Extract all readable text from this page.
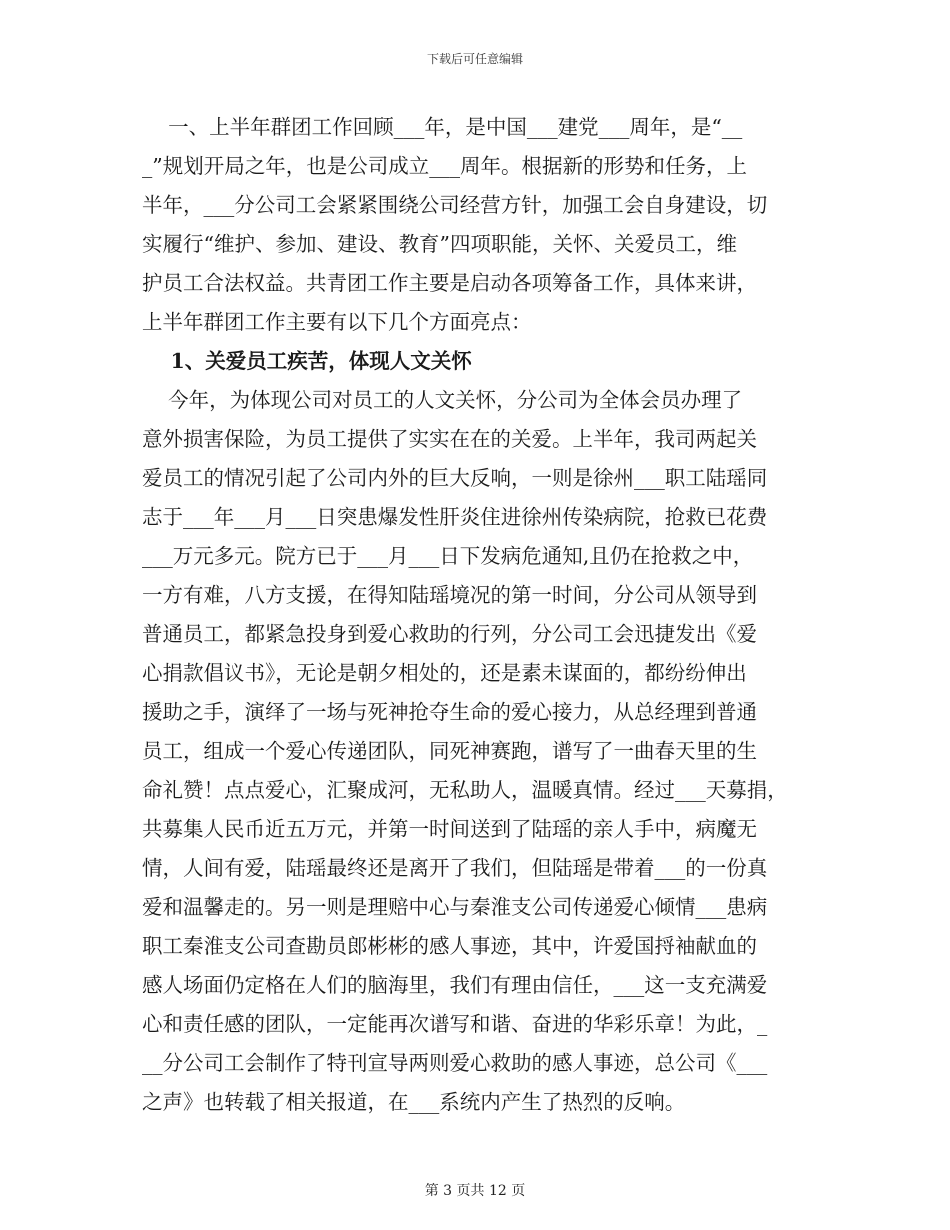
下载后可任意编辑
一、上半年群团工作回顾___年，是中国___建党___周年，是“__
_”规划开局之年，也是公司成立___周年。根据新的形势和任务，上
半年，___分公司工会紧紧围绕公司经营方针，加强工会自身建设，切
实履行“维护、参加、建设、教育”四项职能，关怀、关爱员工，维
护员工合法权益。共青团工作主要是启动各项筹备工作，具体来讲，
上半年群团工作主要有以下几个方面亮点：
1、关爱员工疾苦，体现人文关怀
今年，为体现公司对员工的人文关怀，分公司为全体会员办理了
意外损害保险，为员工提供了实实在在的关爱。上半年，我司两起关
爱员工的情况引起了公司内外的巨大反响，一则是徐州___职工陆瑶同
志于___年___月___日突患爆发性肝炎住进徐州传染病院，抢救已花费
___万元多元。院方已于___月___日下发病危通知,且仍在抢救之中，
一方有难，八方支援，在得知陆瑶境况的第一时间，分公司从领导到
普通员工，都紧急投身到爱心救助的行列，分公司工会迅捷发出《爱
心捐款倡议书》，无论是朝夕相处的，还是素未谋面的，都纷纷伸出
援助之手，演绎了一场与死神抢夺生命的爱心接力，从总经理到普通
员工，组成一个爱心传递团队，同死神赛跑，谱写了一曲春天里的生
命礼赞！点点爱心，汇聚成河，无私助人，温暖真情。经过___天募捐，
共募集人民币近五万元，并第一时间送到了陆瑶的亲人手中，病魔无
情，人间有爱，陆瑶最终还是离开了我们，但陆瑶是带着___的一份真
爱和温馨走的。另一则是理赔中心与秦淮支公司传递爱心倾情___患病
职工秦淮支公司查勘员郎彬彬的感人事迹，其中，许爱国捋袖献血的
感人场面仍定格在人们的脑海里，我们有理由信任，___这一支充满爱
心和责任感的团队，一定能再次谱写和谐、奋进的华彩乐章！为此，_
__分公司工会制作了特刊宣导两则爱心救助的感人事迹，总公司《___
之声》也转载了相关报道，在___系统内产生了热烈的反响。
第 3 页共 12 页
